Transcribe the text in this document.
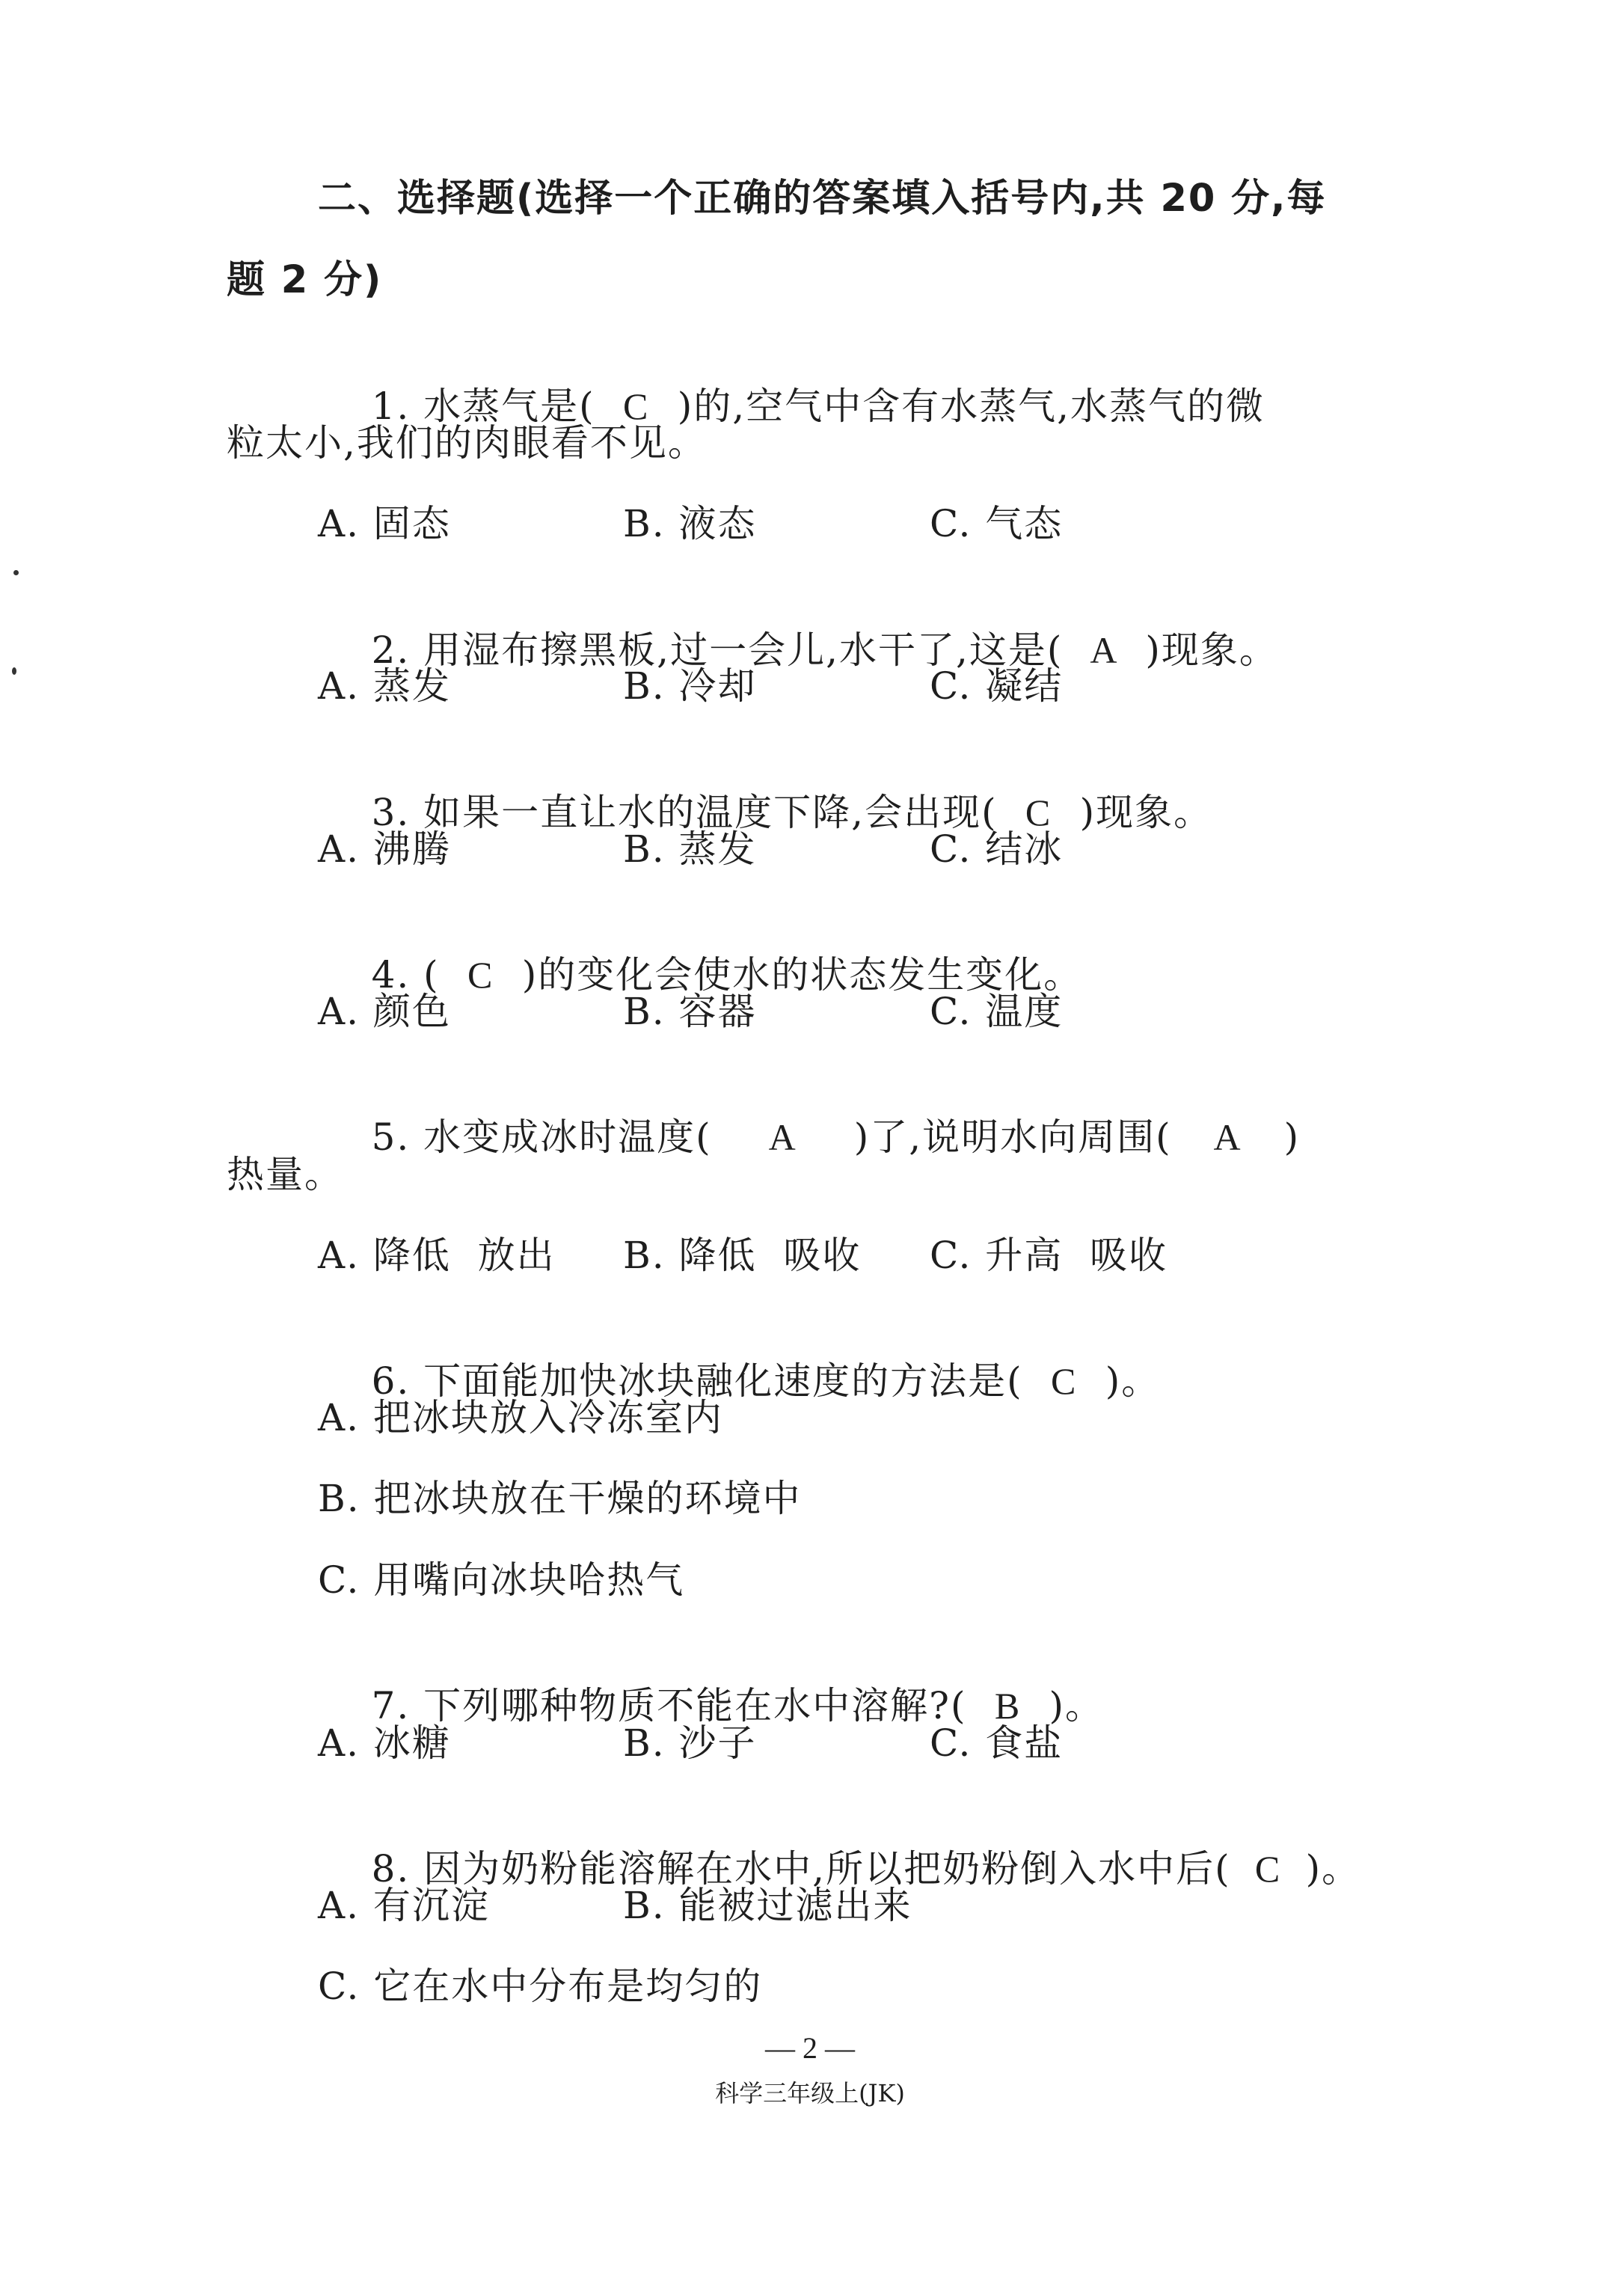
二、选择题(选择一个正确的答案填入括号内,共 20 分,每
题 2 分)

1. 水蒸气是( C )的,空气中含有水蒸气,水蒸气的微

粒太小,我们的肉眼看不见。
A. 固态	B. 液态	C. 气态

2. 用湿布擦黑板,过一会儿,水干了,这是( A )现象。

A. 蒸发	B. 冷却	C. 凝结

3. 如果一直让水的温度下降,会出现( C )现象。

A. 沸腾	B. 蒸发	C. 结冰

4. ( C )的变化会使水的状态发生变化。

A. 颜色	B. 容器	C. 温度

5. 水变成冰时温度( A )了,说明水向周围( A )

热量。
A. 降低  放出 B. 降低  吸收 C. 升高  吸收

6. 下面能加快冰块融化速度的方法是( C )。

A. 把冰块放入冷冻室内
B. 把冰块放在干燥的环境中
C. 用嘴向冰块哈热气

7. 下列哪种物质不能在水中溶解?( B )。

A. 冰糖	B. 沙子	C. 食盐

8. 因为奶粉能溶解在水中,所以把奶粉倒入水中后( C )。

A. 有沉淀	B. 能被过滤出来
C. 它在水中分布是均匀的
— 2 —
科学三年级上(JK)
